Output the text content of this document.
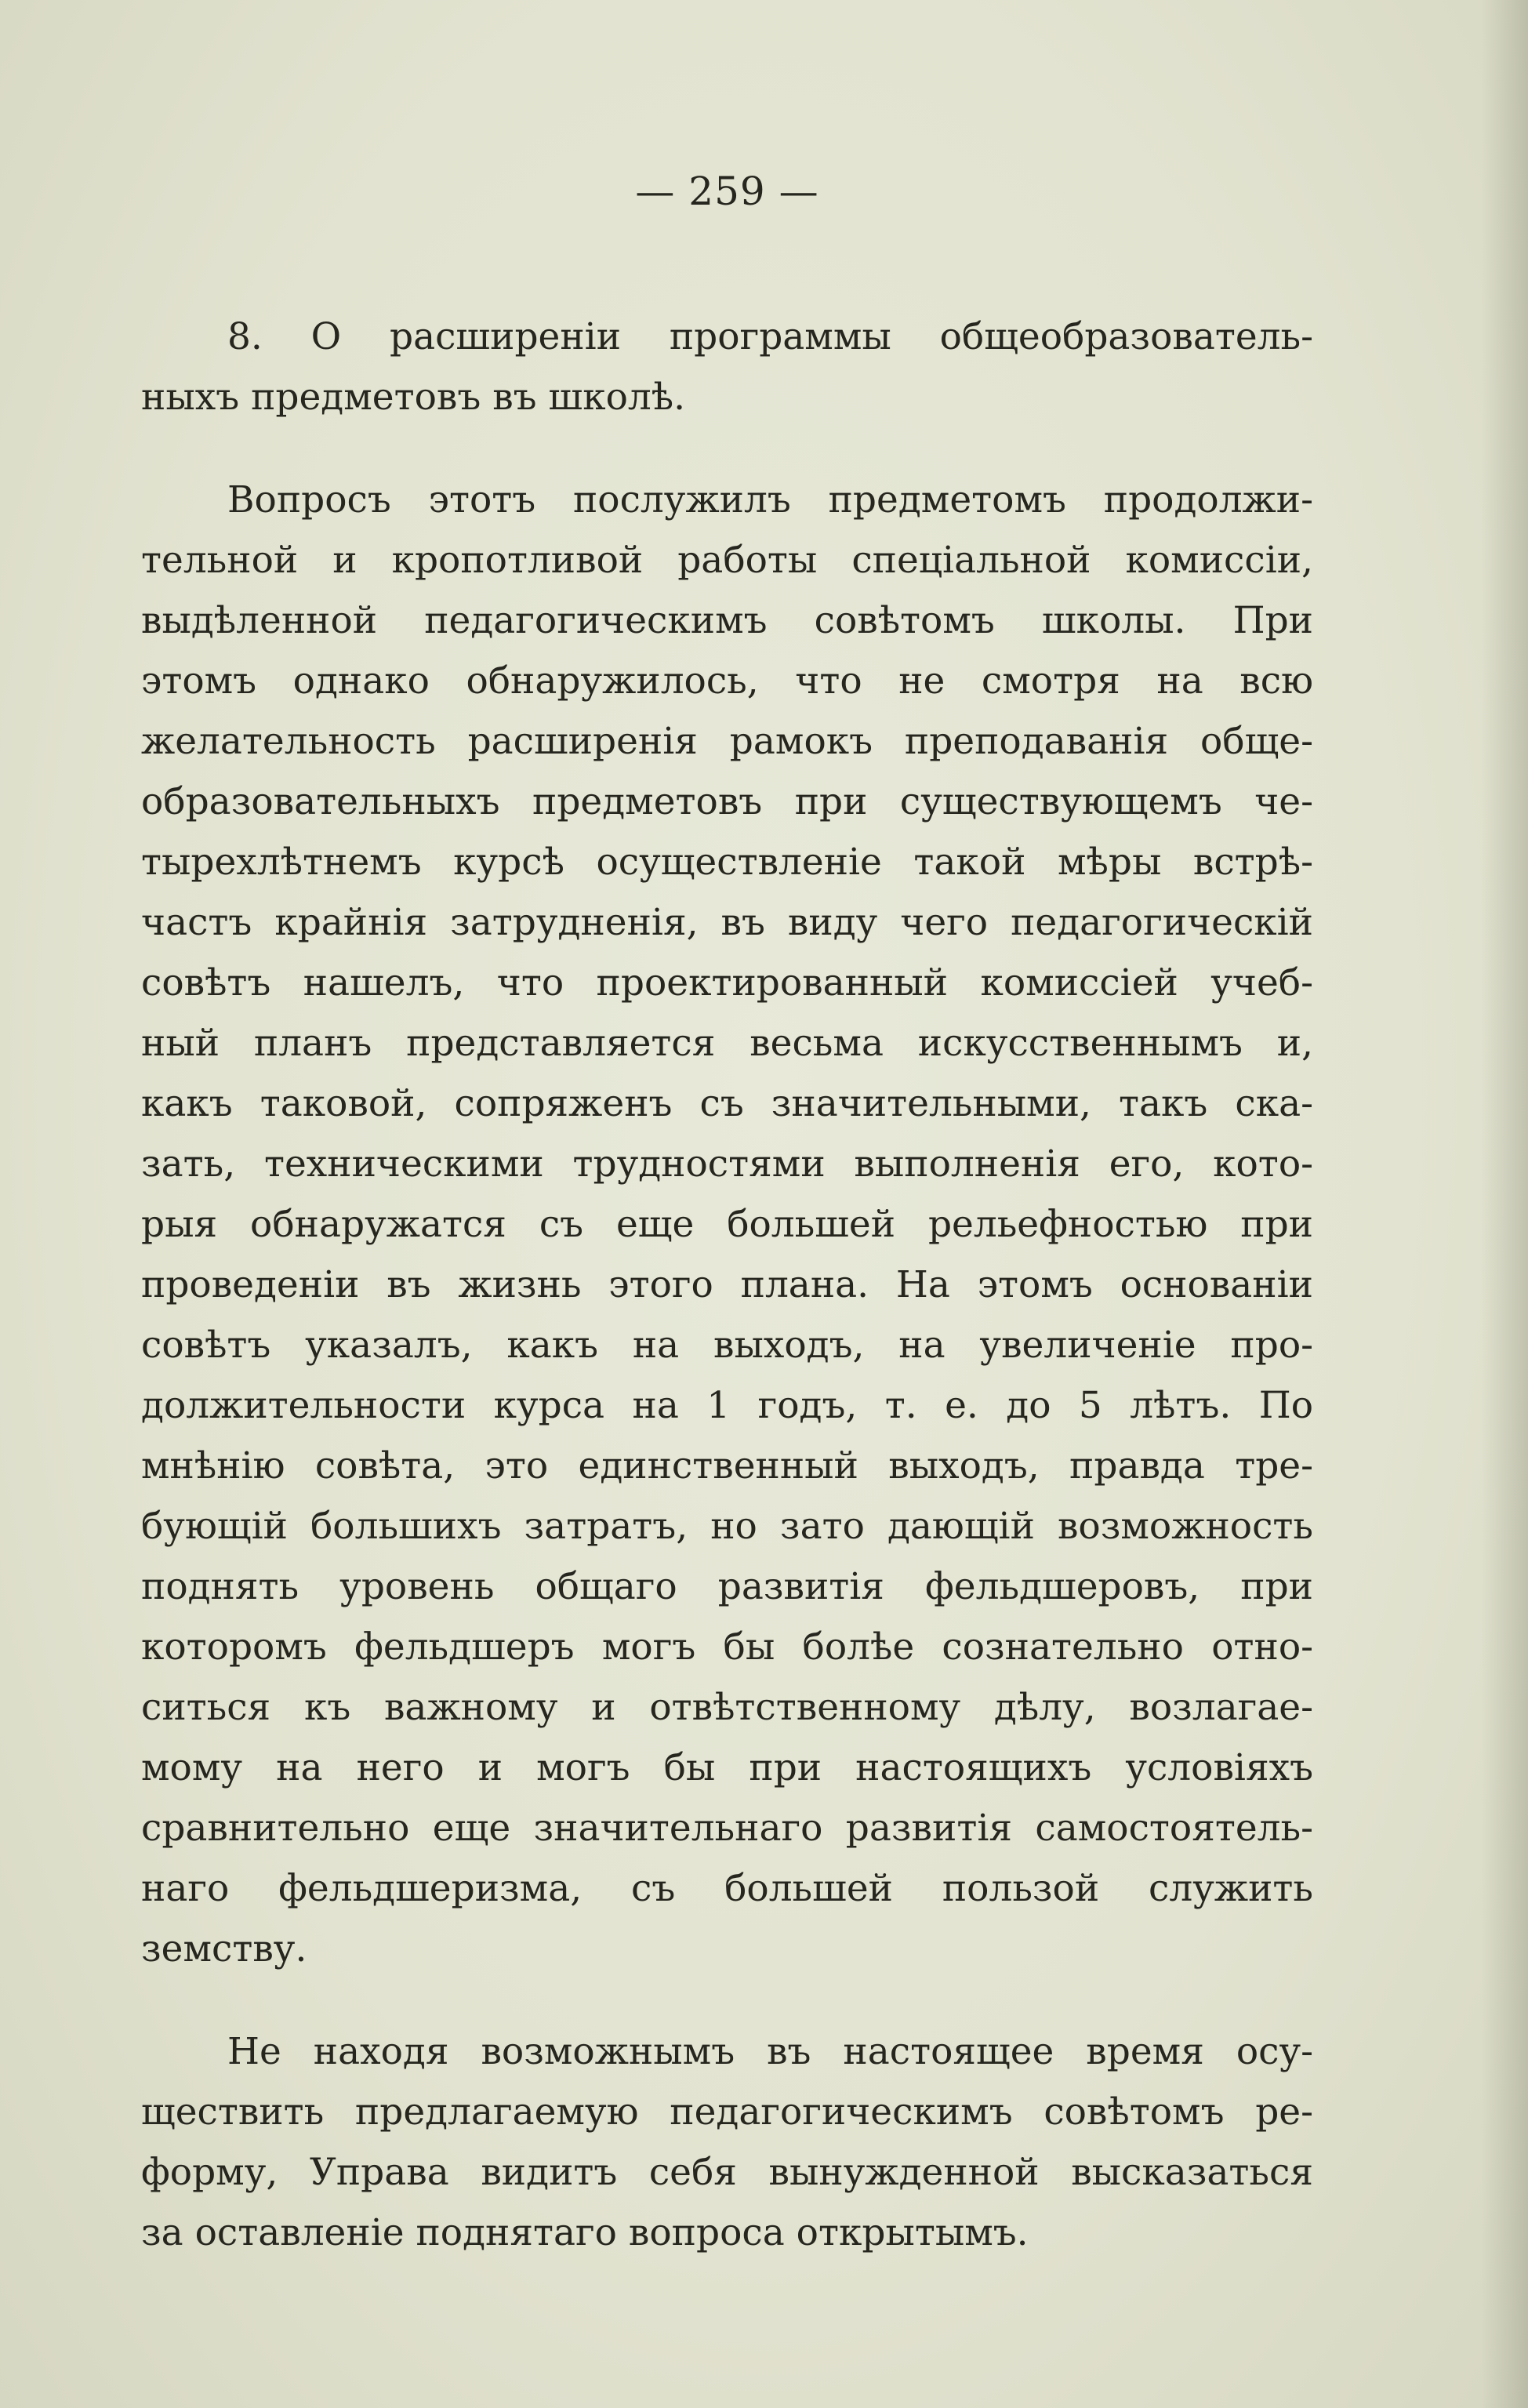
— 259 —
8. О расширеніи программы общеобразователь-
ныхъ предметовъ въ школѣ.
Вопросъ этотъ послужилъ предметомъ продолжи-
тельной и кропотливой работы спеціальной комиссіи,
выдѣленной педагогическимъ совѣтомъ школы. При
этомъ однако обнаружилось, что не смотря на всю
желательность расширенія рамокъ преподаванія обще-
образовательныхъ предметовъ при существующемъ че-
тырехлѣтнемъ курсѣ осуществленіе такой мѣры встрѣ-
частъ крайнія затрудненія, въ виду чего педагогическій
совѣтъ нашелъ, что проектированный комиссіей учеб-
ный планъ представляется весьма искусственнымъ и,
какъ таковой, сопряженъ съ значительными, такъ ска-
зать, техническими трудностями выполненія его, кото-
рыя обнаружатся съ еще большей рельефностью при
проведеніи въ жизнь этого плана. На этомъ основаніи
совѣтъ указалъ, какъ на выходъ, на увеличеніе про-
должительности курса на 1 годъ, т. е. до 5 лѣтъ. По
мнѣнію совѣта, это единственный выходъ, правда тре-
бующій большихъ затратъ, но зато дающій возможность
поднять уровень общаго развитія фельдшеровъ, при
которомъ фельдшеръ могъ бы болѣе сознательно отно-
ситься къ важному и отвѣтственному дѣлу, возлагае-
мому на него и могъ бы при настоящихъ условіяхъ
сравнительно еще значительнаго развитія самостоятель-
наго фельдшеризма, съ большей пользой служить
земству.
Не находя возможнымъ въ настоящее время осу-
ществить предлагаемую педагогическимъ совѣтомъ ре-
форму, Управа видитъ себя вынужденной высказаться
за оставленіе поднятаго вопроса открытымъ.
